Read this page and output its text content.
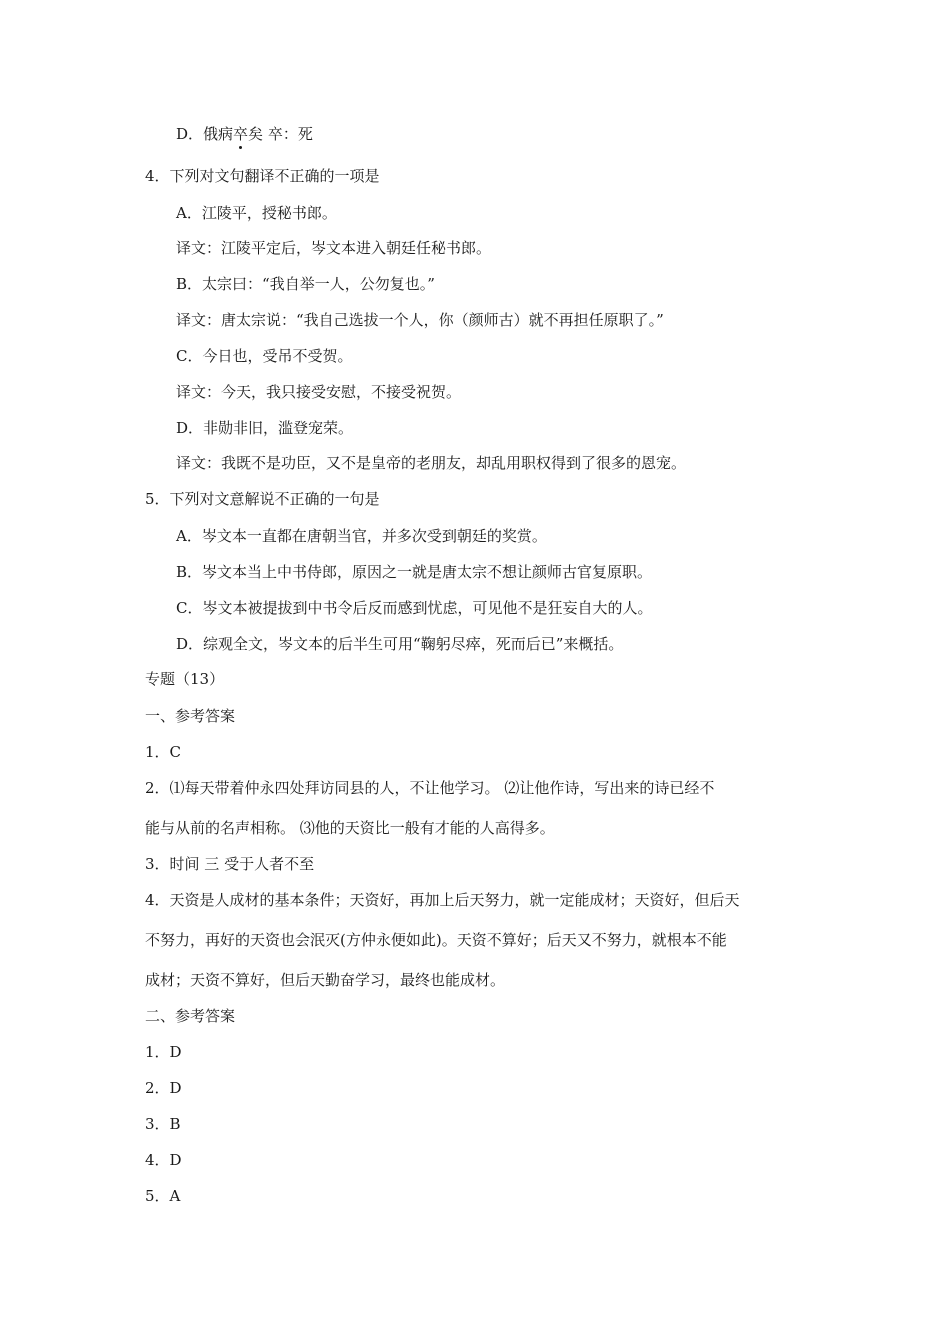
D．俄病卒矣 卒：死
4．下列对文句翻译不正确的一项是
A．江陵平，授秘书郎。
译文：江陵平定后，岑文本进入朝廷任秘书郎。
B．太宗曰：“我自举一人，公勿复也。”
译文：唐太宗说：“我自己选拔一个人，你（颜师古）就不再担任原职了。”
C．今日也，受吊不受贺。
译文：今天，我只接受安慰，不接受祝贺。
D．非勋非旧，滥登宠荣。
译文：我既不是功臣，又不是皇帝的老朋友，却乱用职权得到了很多的恩宠。
5．下列对文意解说不正确的一句是
A．岑文本一直都在唐朝当官，并多次受到朝廷的奖赏。
B．岑文本当上中书侍郎，原因之一就是唐太宗不想让颜师古官复原职。
C．岑文本被提拔到中书令后反而感到忧虑，可见他不是狂妄自大的人。
D．综观全文，岑文本的后半生可用“鞠躬尽瘁，死而后已”来概括。
专题（13）
一、参考答案
1．C
2．⑴每天带着仲永四处拜访同县的人，不让他学习。 ⑵让他作诗，写出来的诗已经不
能与从前的名声相称。 ⑶他的天资比一般有才能的人高得多。
3．时间 三 受于人者不至
4．天资是人成材的基本条件；天资好，再加上后天努力，就一定能成材；天资好，但后天
不努力，再好的天资也会泯灭(方仲永便如此)。天资不算好；后天又不努力，就根本不能
成材；天资不算好，但后天勤奋学习，最终也能成材。
二、参考答案
1．D
2．D
3．B
4．D
5．A
